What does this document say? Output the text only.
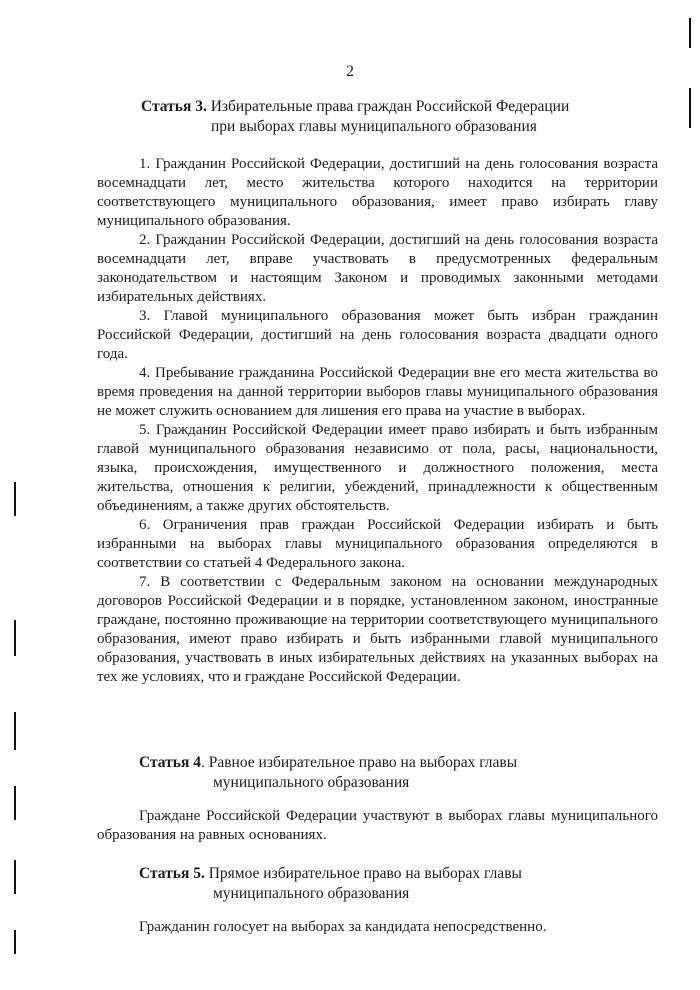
2
Статья 3. Избирательные права граждан Российской Федерации
при выборах главы муниципального образования

1. Гражданин Российской Федерации, достигший на день голосования возраста восемнадцати лет, место жительства которого находится на территории соответствующего муниципального образования, имеет право избирать главу муниципального образования.

2. Гражданин Российской Федерации, достигший на день голосования возраста восемнадцати лет, вправе участвовать в предусмотренных федеральным законодательством и настоящим Законом и проводимых законными методами избирательных действиях.

3. Главой муниципального образования может быть избран гражданин Российской Федерации, достигший на день голосования возраста двадцати одного года.

4. Пребывание гражданина Российской Федерации вне его места жительства во время проведения на данной территории выборов главы муниципального образования не может служить основанием для лишения его права на участие в выборах.

5. Гражданин Российской Федерации имеет право избирать и быть избранным главой муниципального образования независимо от пола, расы, национальности, языка, происхождения, имущественного и должностного положения, места жительства, отношения к религии, убеждений, принадлежности к общественным объединениям, а также других обстоятельств.

6. Ограничения прав граждан Российской Федерации избирать и быть избранными на выборах главы муниципального образования определяются в соответствии со статьей 4 Федерального закона.

7. В соответствии с Федеральным законом на основании международных договоров Российской Федерации и в порядке, установленном законом, иностранные граждане, постоянно проживающие на территории соответствующего муниципального образования, имеют право избирать и быть избранными главой муниципального образования, участвовать в иных избирательных действиях на указанных выборах на тех же условиях, что и граждане Российской Федерации.

Статья 4. Равное избирательное право на выборах главы
муниципального образования

Граждане Российской Федерации участвуют в выборах главы муниципального образования на равных основаниях.

Статья 5. Прямое избирательное право на выборах главы
муниципального образования

Гражданин голосует на выборах за кандидата непосредственно.
